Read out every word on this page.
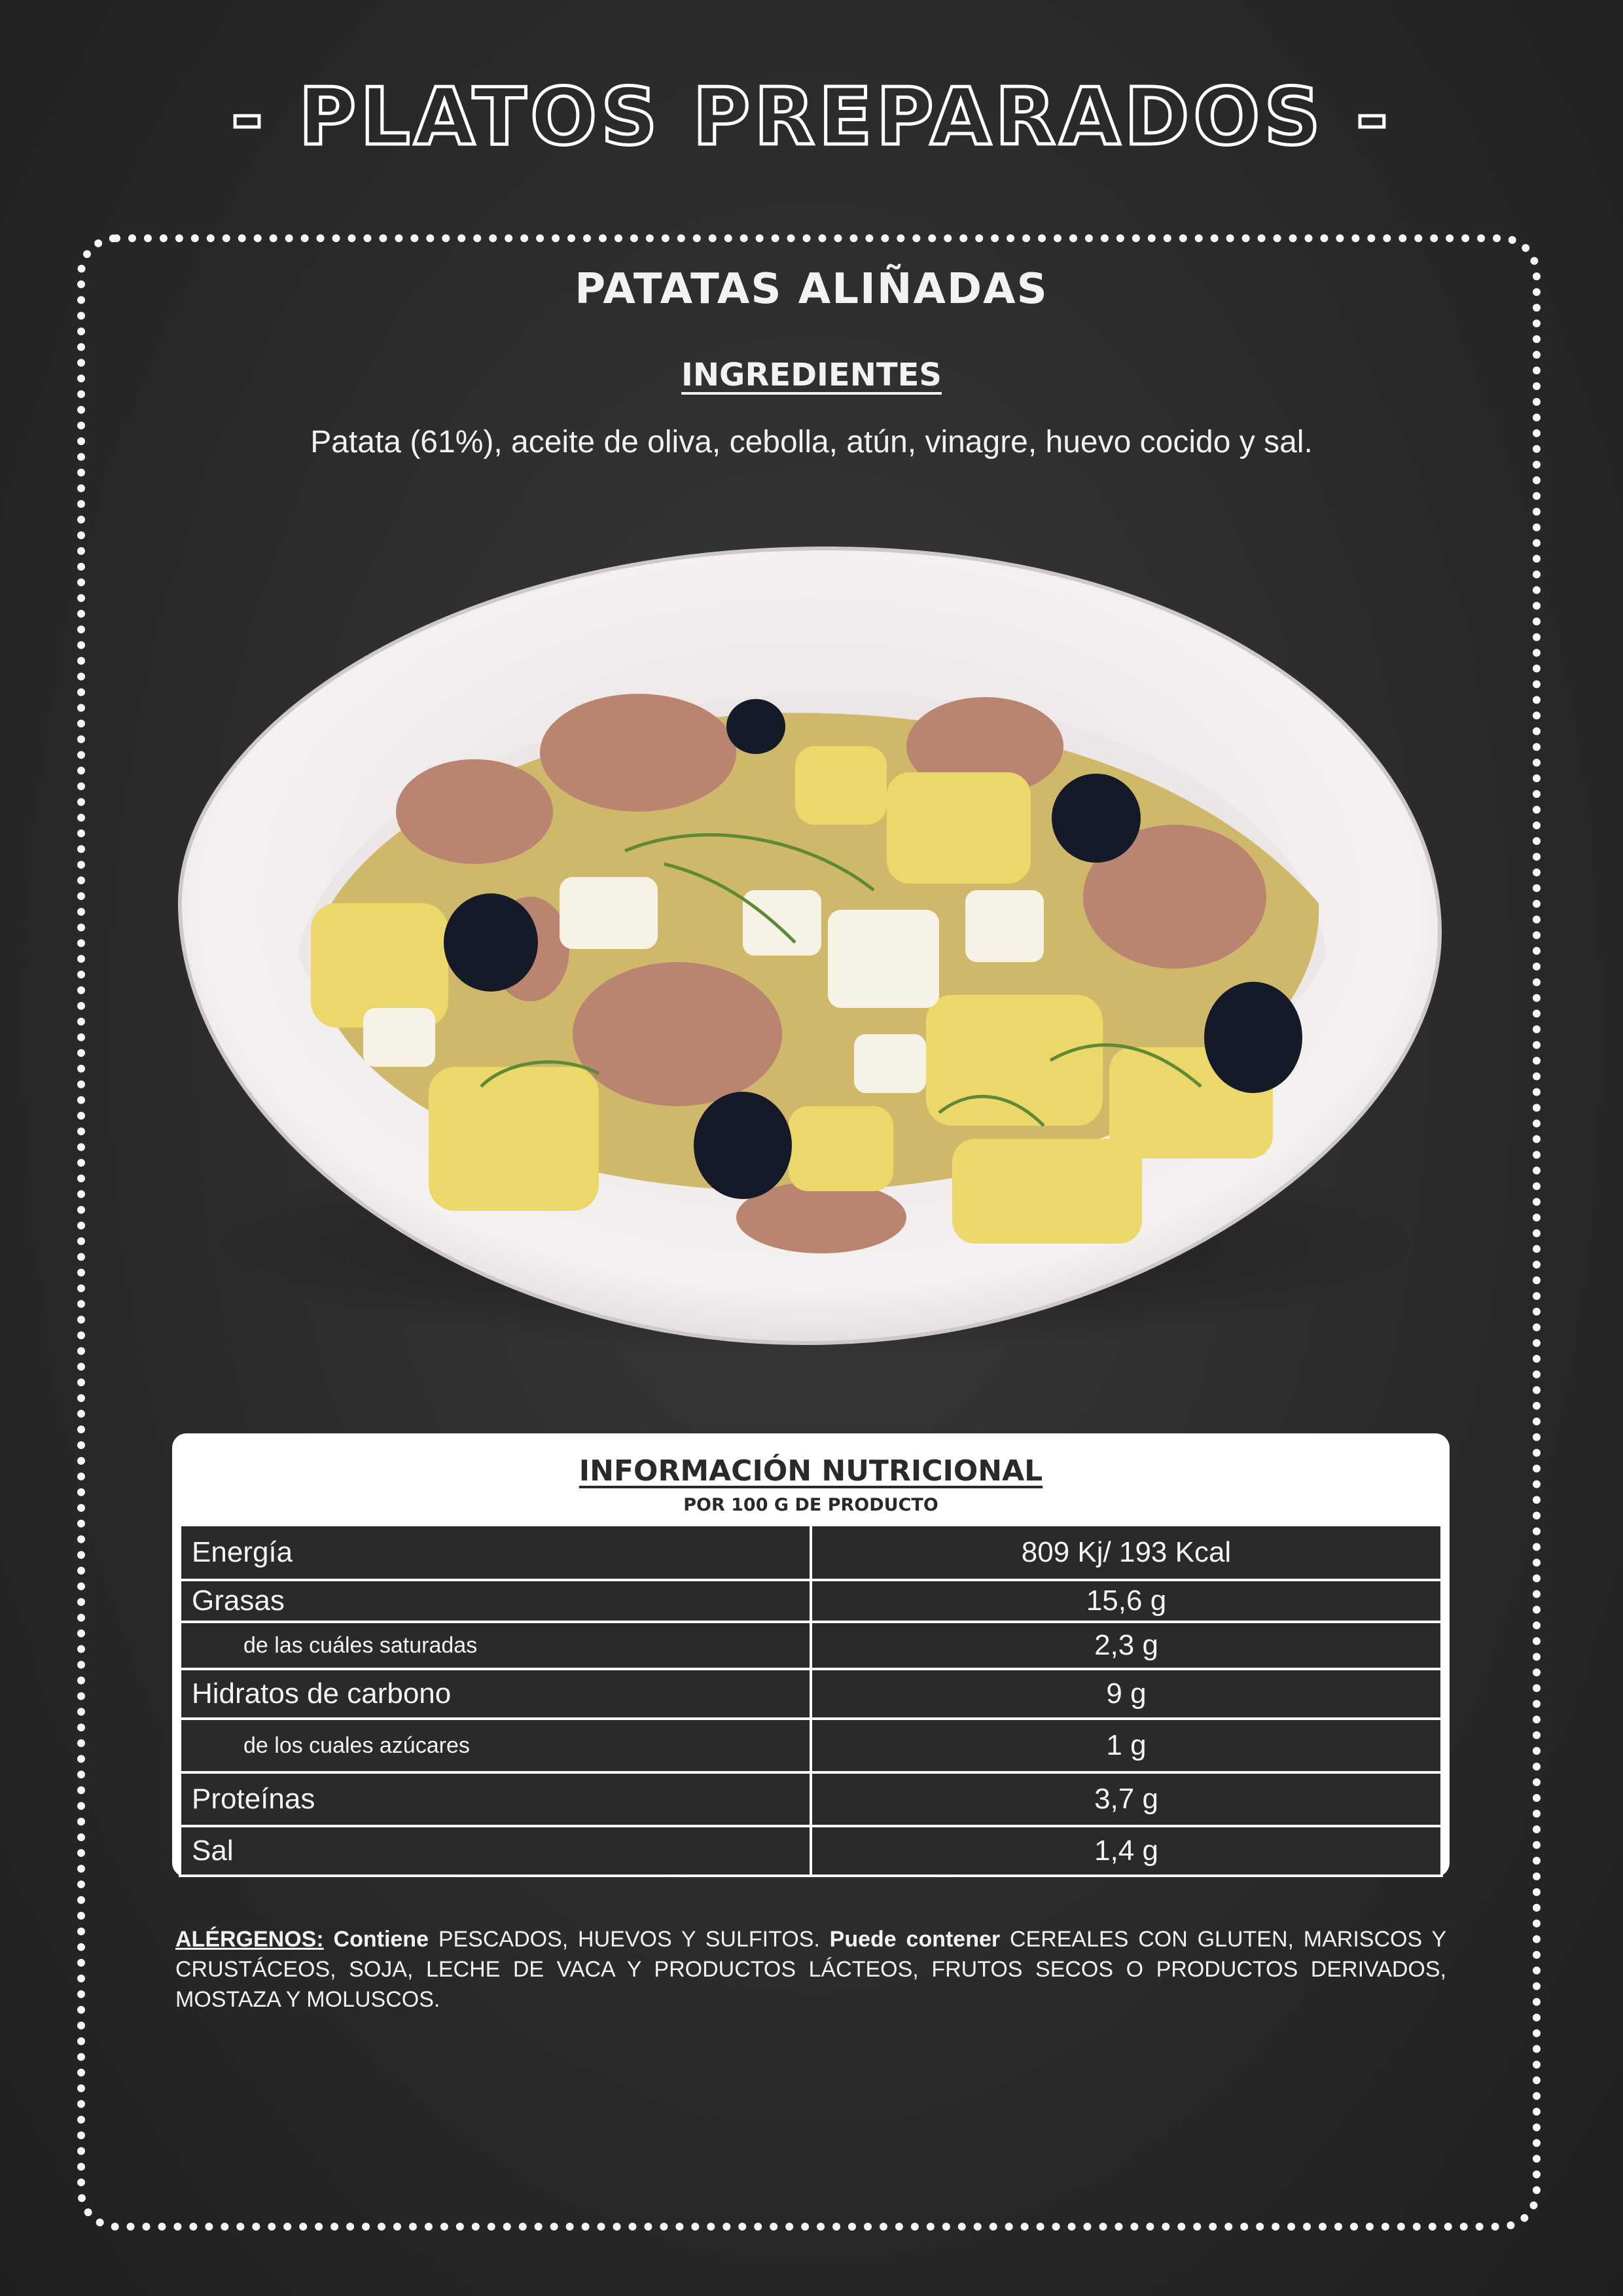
- PLATOS PREPARADOS -
PATATAS ALIÑADAS
INGREDIENTES
Patata (61%), aceite de oliva, cebolla, atún, vinagre, huevo cocido y sal.
INFORMACIÓN NUTRICIONAL
POR 100 G DE PRODUCTO
Energía	809 Kj/ 193 Kcal
Grasas	15,6 g
de las cuáles saturadas	2,3 g
Hidratos de carbono	9 g
de los cuales azúcares	1 g
Proteínas	3,7 g
Sal	1,4 g
ALÉRGENOS: Contiene PESCADOS, HUEVOS Y SULFITOS. Puede contener CEREALES CON GLUTEN, MARISCOS Y CRUSTÁCEOS, SOJA, LECHE DE VACA Y PRODUCTOS LÁCTEOS, FRUTOS SECOS O PRODUCTOS DERIVADOS, MOSTAZA Y MOLUSCOS.
